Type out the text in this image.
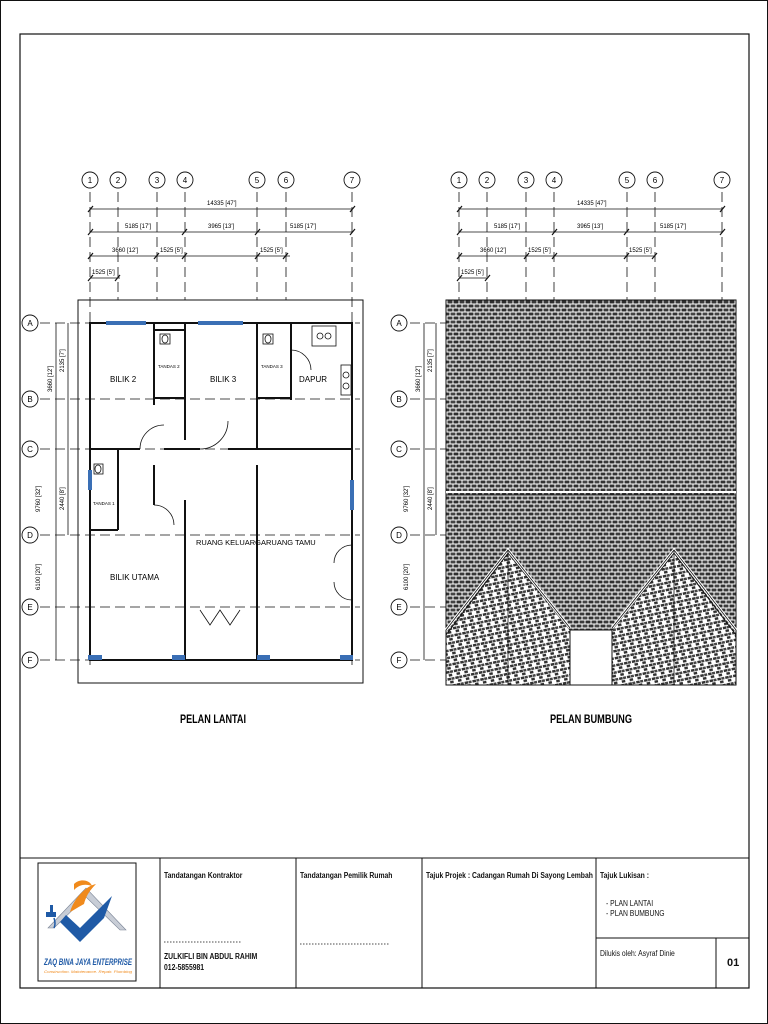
BILIK 2	BILIK 3	DAPUR
BILIK UTAMA
RUANG KELUARGA RUANG TAMU
TANDAS 1
TANDAS 2	TANDAS 3
14335 [47']
5185 [17']	3965 [13']	5185 [17']
3660 [12']	1525 [5']	1525 [5']
1525 [5']
3660 [12']
2135 [7']
9760 [32']	2440 [8']
6100 [20']
14335 [47']
5185 [17']	3965 [13']	5185 [17']
3660 [12']	1525 [5']	1525 [5']
1525 [5']
3660 [12']
2135 [7']
9760 [32']	2440 [8']
6100 [20']
1	2	3	4	5	6	7	1	2	3	4	5	6	7
A
B
C
D
E
F
A
B
C
D
E
F
PELAN LANTAI	PELAN BUMBUNG
ZAQ BINA JAYA ENTERPRISE
Construction. Maintenance. Repair. Plumbing
Tandatangan Kontraktor	Tandatangan Pemilik Rumah	Tajuk Projek : Cadangan Rumah Di Sayong Lembah Tajuk Lukisan :
- PLAN LANTAI
- PLAN BUMBUNG
ZULKIFLI BIN ABDUL RAHIM
012-5855981
Dilukis oleh: Asyraf Dinie
01
